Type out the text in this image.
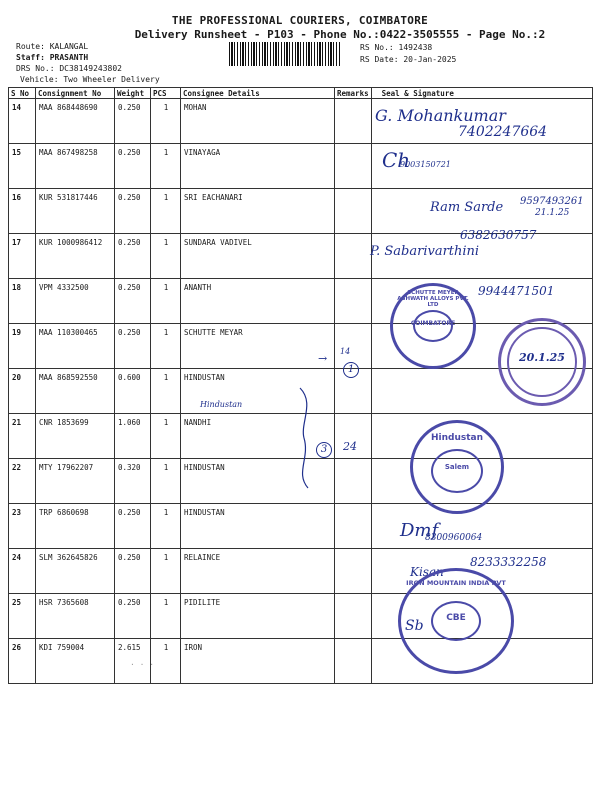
THE PROFESSIONAL COURIERS, COIMBATORE
Delivery Runsheet - P103 - Phone No.:0422-3505555 - Page No.:2
Route: KALANGAL
Staff: PRASANTH
DRS No.: DC38149243802
Vehicle: Two Wheeler Delivery
RS No.: 1492438
RS Date: 20-Jan-2025
S No	Consignment No	Weight	PCS	Consignee Details	Remarks	Seal & Signature
14	MAA 868448690	0.250	1	MOHAN		
15	MAA 867498258	0.250	1	VINAYAGA		
16	KUR 531817446	0.250	1	SRI EACHANARI		
17	KUR 1000986412	0.250	1	SUNDARA VADIVEL		
18	VPM 4332500	0.250	1	ANANTH		
19	MAA 110300465	0.250	1	SCHUTTE MEYAR		
20	MAA 868592550	0.600	1	HINDUSTAN		
21	CNR 1853699	1.060	1	NANDHI		
22	MTY 17962207	0.320	1	HINDUSTAN		
23	TRP 6860698	0.250	1	HINDUSTAN		
24	SLM 362645826	0.250	1	RELAINCE		
25	HSR 7365608	0.250	1	PIDILITE		
26	KDI 759004	2.615	1	IRON		
G. Mohankumar
7402247664
Ch
9003150721
Ram Sarde 9597493261
21.1.25
6382630757
P. Sabarivarthini
9944471501
→
14
1
Hindustan
3	24
Dmf
8300960064
Kisan
8233332258
Sb
SCHUTTE MEYER ASHWATH ALLOYS PVT. LTD
COIMBATORE
20.1.25
Hindustan
Salem
IRON MOUNTAIN INDIA PVT
CBE
· · ·
